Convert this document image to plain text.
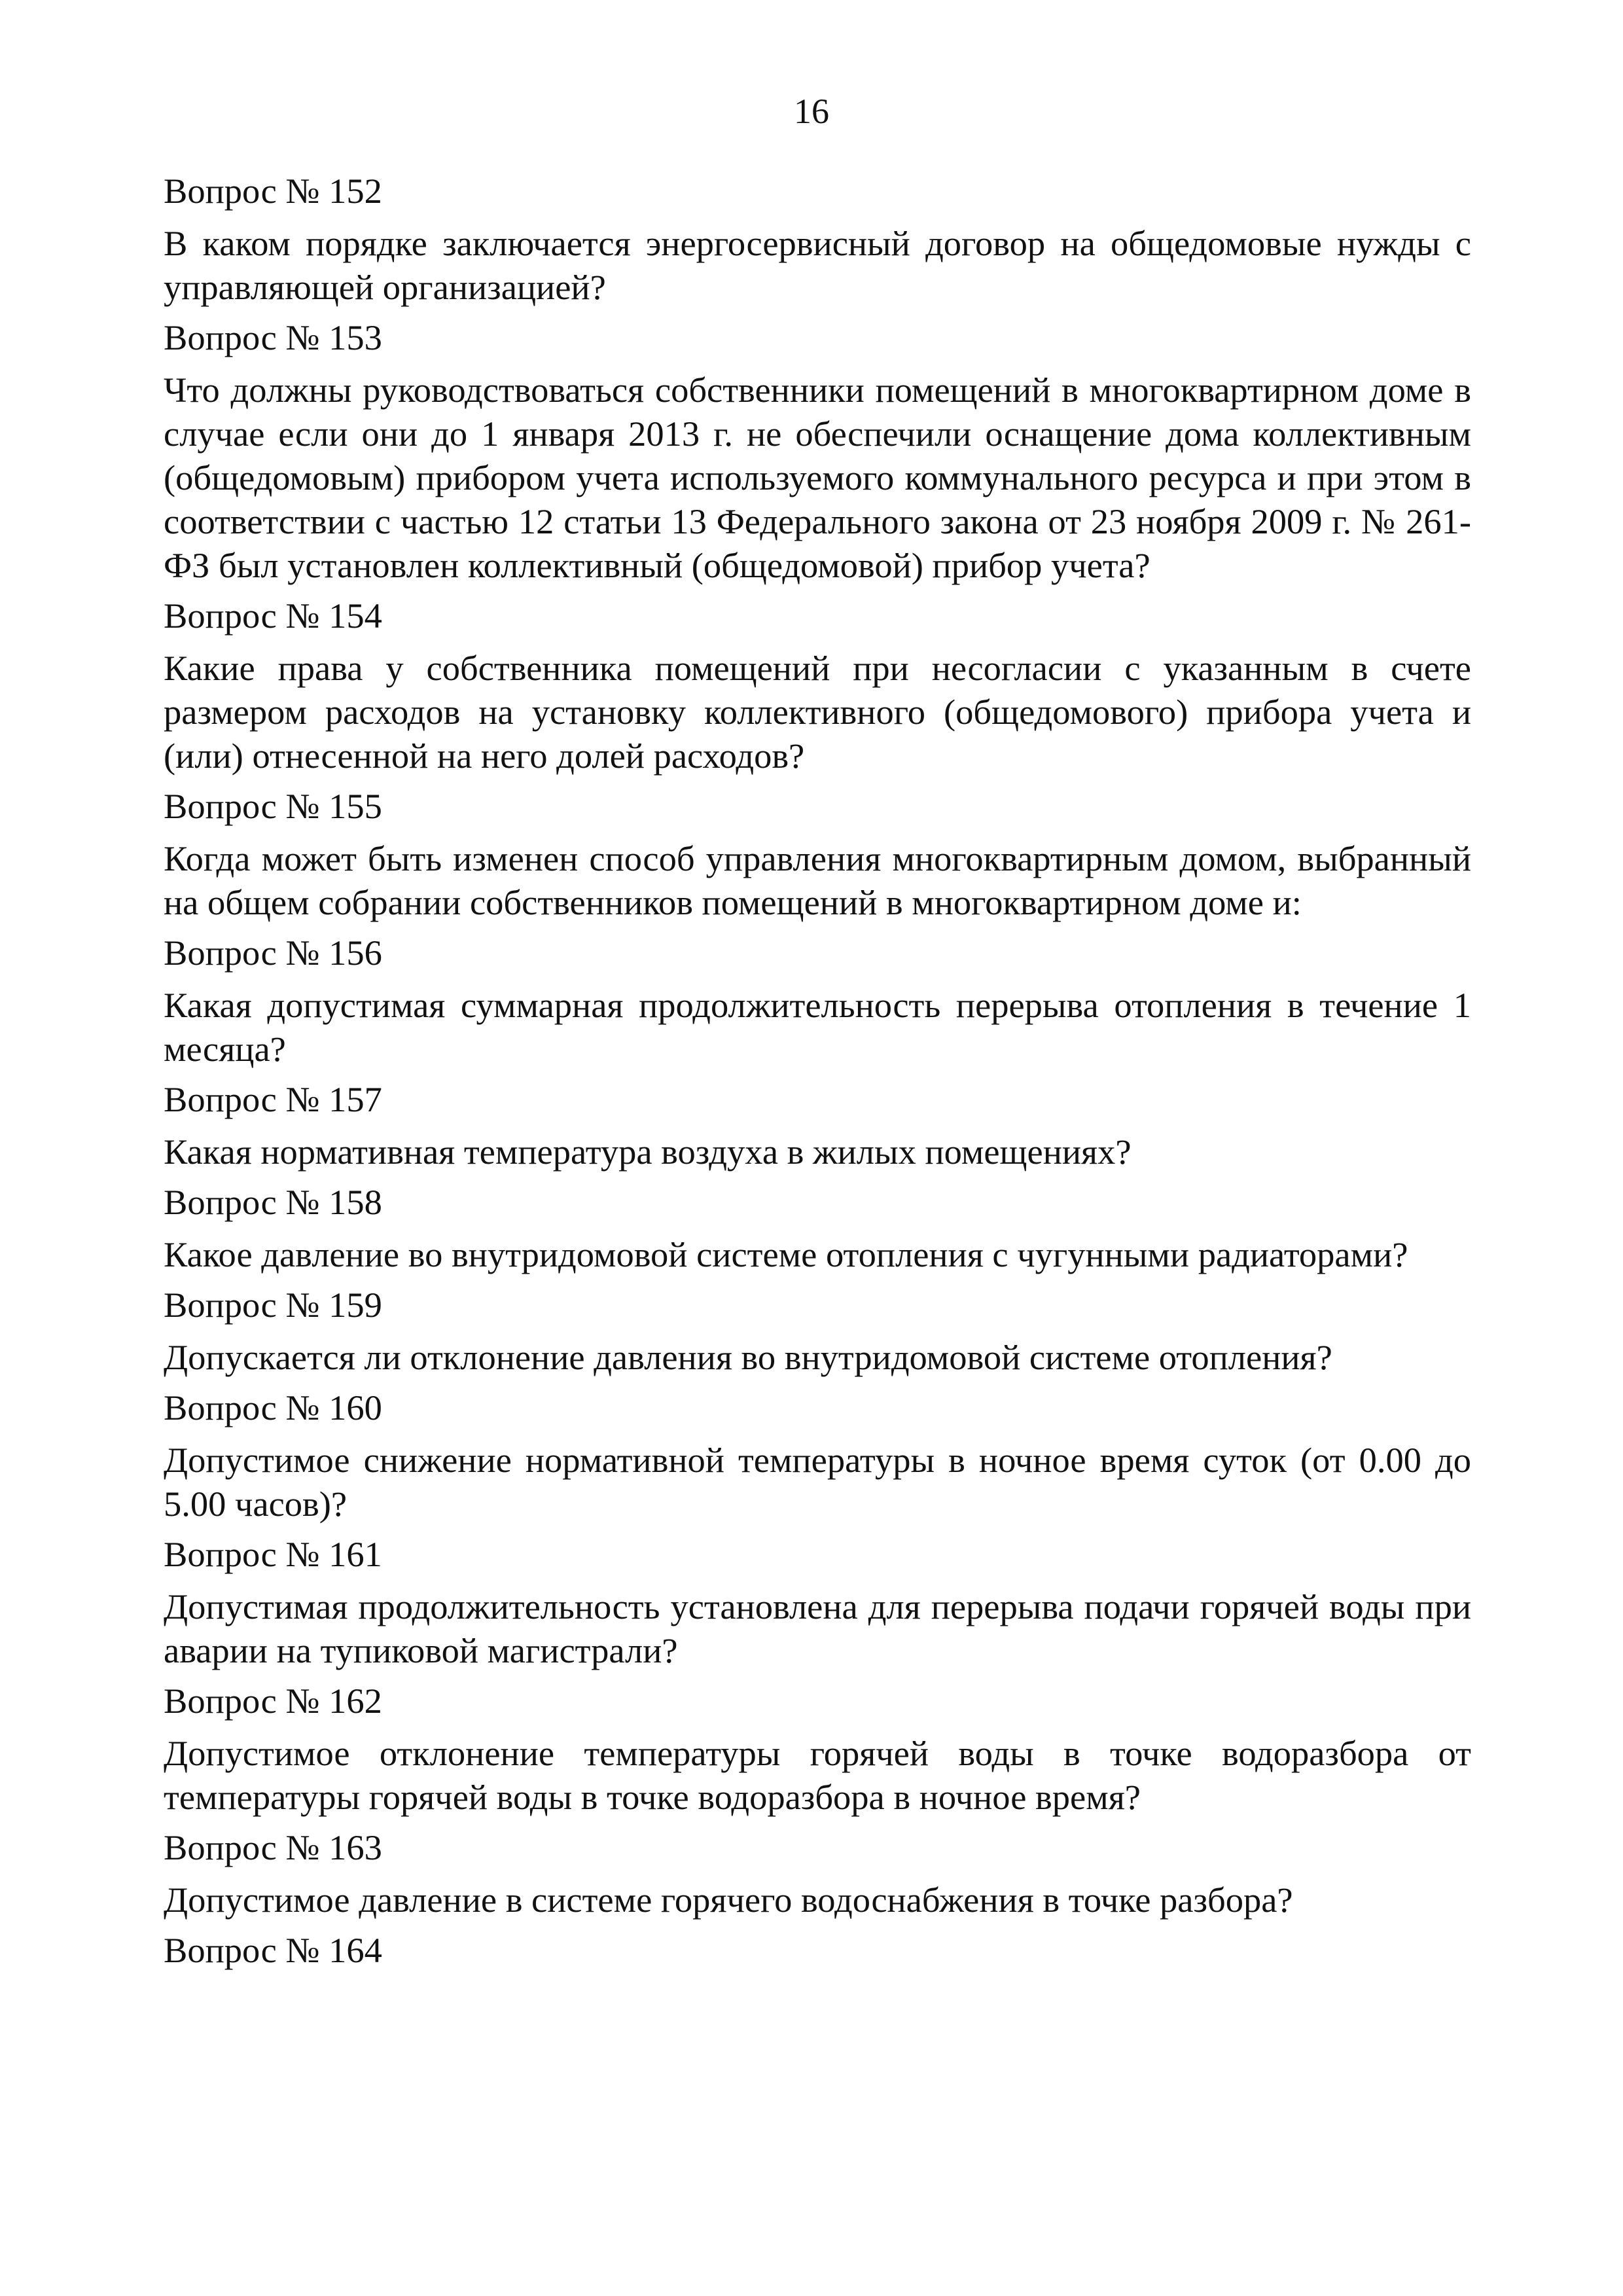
16

Вопрос № 152

В каком порядке заключается энергосервисный договор на общедомовые нужды с управляющей организацией?

Вопрос № 153

Что должны руководствоваться собственники помещений в многоквартирном доме в случае если они до 1 января 2013 г. не обеспечили оснащение дома коллективным (общедомовым) прибором учета используемого коммунального ресурса и при этом в соответствии с частью 12 статьи 13 Федерального закона от 23 ноября 2009 г. № 261-ФЗ был установлен коллективный (общедомовой) прибор учета?

Вопрос № 154

Какие права у собственника помещений при несогласии с указанным в счете размером расходов на установку коллективного (общедомового) прибора учета и (или) отнесенной на него долей расходов?

Вопрос № 155

Когда может быть изменен способ управления многоквартирным домом, выбранный на общем собрании собственников помещений в многоквартирном доме и:

Вопрос № 156

Какая допустимая суммарная продолжительность перерыва отопления в течение 1 месяца?

Вопрос № 157

Какая нормативная температура воздуха в жилых помещениях?

Вопрос № 158

Какое давление во внутридомовой системе отопления с чугунными радиаторами?

Вопрос № 159

Допускается ли отклонение давления во внутридомовой системе отопления?

Вопрос № 160

Допустимое снижение нормативной температуры в ночное время суток (от 0.00 до 5.00 часов)?

Вопрос № 161

Допустимая продолжительность установлена для перерыва подачи горячей воды при аварии на тупиковой магистрали?

Вопрос № 162

Допустимое отклонение температуры горячей воды в точке водоразбора от температуры горячей воды в точке водоразбора в ночное время?

Вопрос № 163

Допустимое давление в системе горячего водоснабжения в точке разбора?

Вопрос № 164
